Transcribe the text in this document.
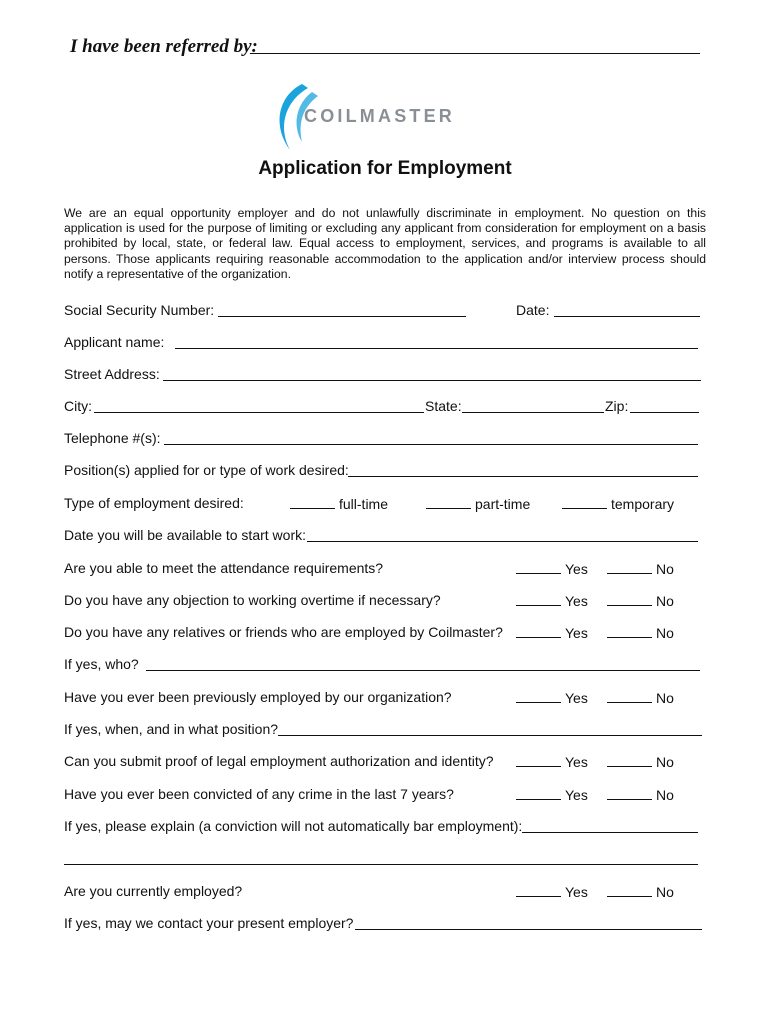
I have been referred by:
COILMASTER
Application for Employment
We are an equal opportunity employer and do not unlawfully discriminate in employment. No question on this application is used for the purpose of limiting or excluding any applicant from consideration for employment on a basis prohibited by local, state, or federal law. Equal access to employment, services, and programs is available to all persons. Those applicants requiring reasonable accommodation to the application and/or interview process should notify a representative of the organization.
Social Security Number:	Date:
Applicant name:
Street Address:
City:	State:	Zip:
Telephone #(s):
Position(s) applied for or type of work desired:
Type of employment desired:	full-time	part-time	temporary
Date you will be available to start work:
Are you able to meet the attendance requirements?	Yes	No
Do you have any objection to working overtime if necessary?	Yes	No
Do you have any relatives or friends who are employed by Coilmaster?	Yes	No
If yes, who?
Have you ever been previously employed by our organization?	Yes	No
If yes, when, and in what position?
Can you submit proof of legal employment authorization and identity?	Yes	No
Have you ever been convicted of any crime in the last 7 years?	Yes	No
If yes, please explain (a conviction will not automatically bar employment):
Are you currently employed?	Yes	No
If yes, may we contact your present employer?
